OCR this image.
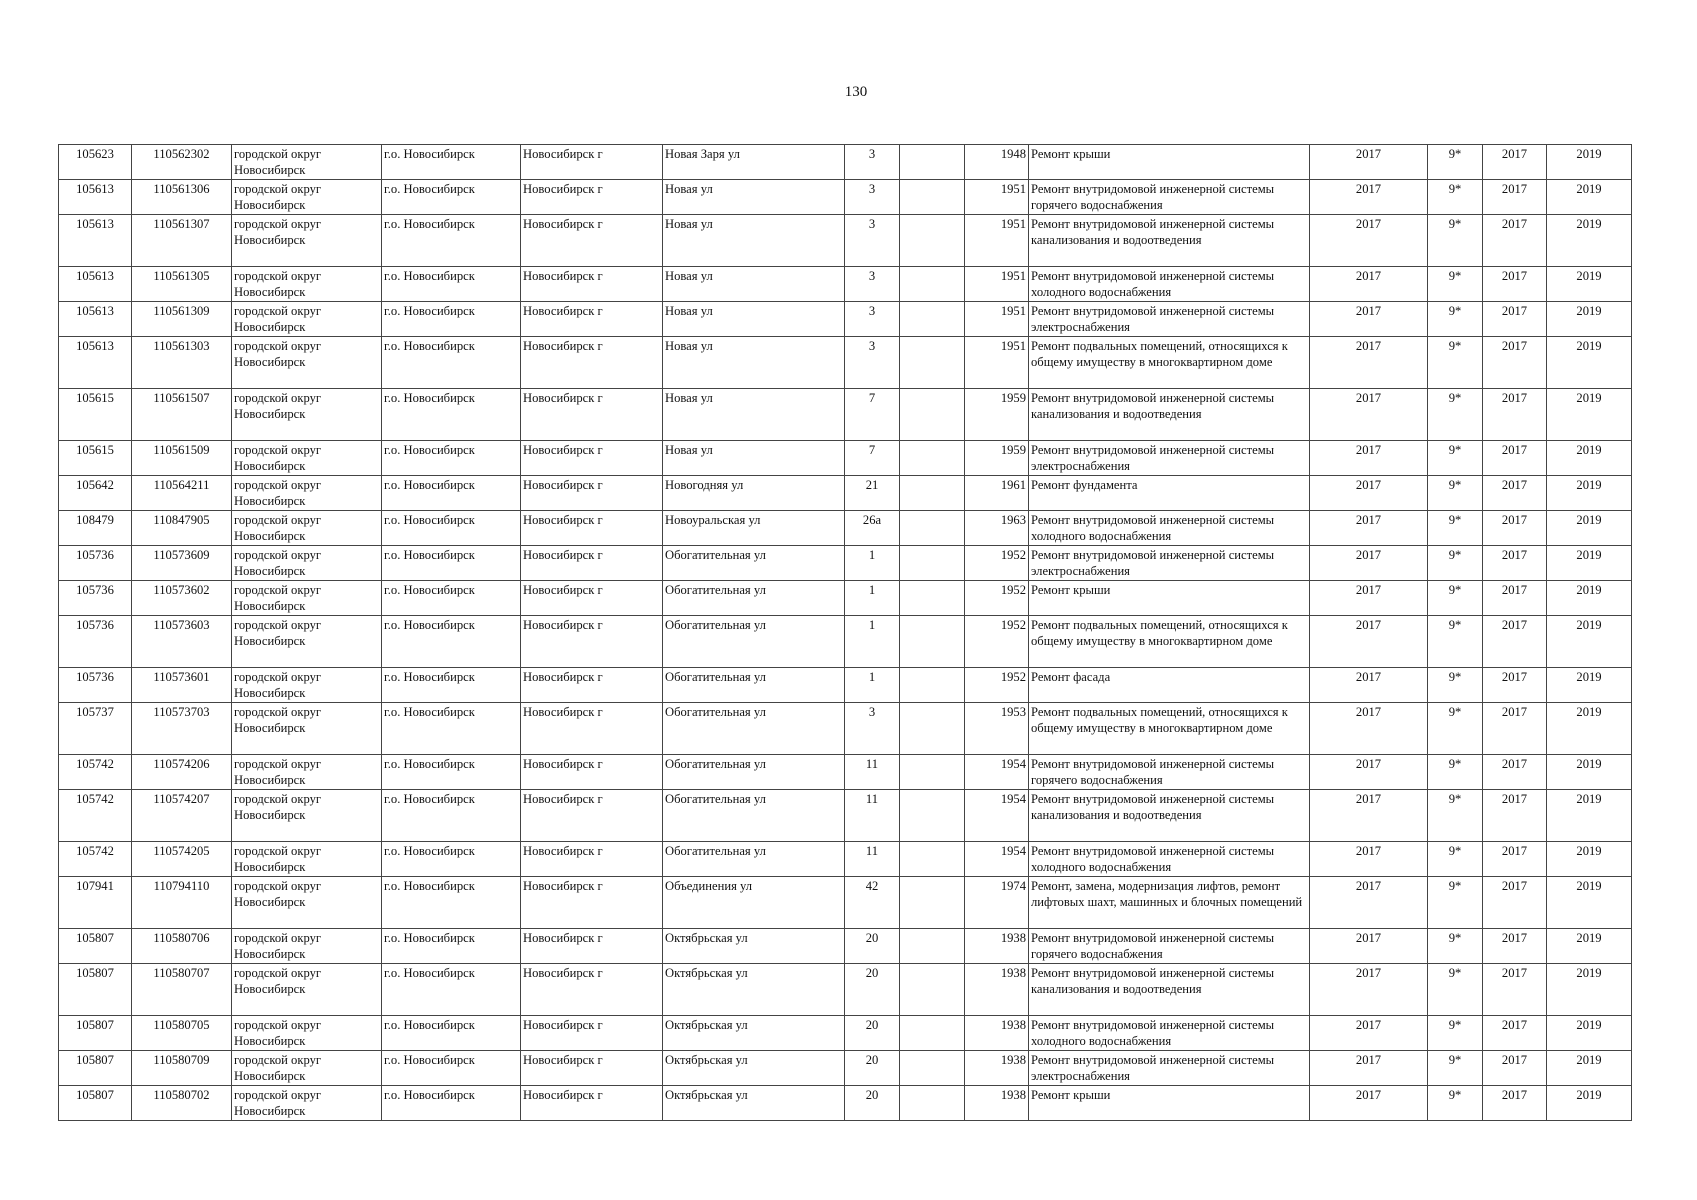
130
105623	110562302	городской округ Новосибирск	г.о. Новосибирск	Новосибирск г	Новая Заря ул	3		1948	Ремонт крыши	2017	9*	2017	2019
105613	110561306	городской округ Новосибирск	г.о. Новосибирск	Новосибирск г	Новая ул	3		1951	Ремонт внутридомовой инженерной системы горячего водоснабжения	2017	9*	2017	2019
105613	110561307	городской округ Новосибирск	г.о. Новосибирск	Новосибирск г	Новая ул	3		1951	Ремонт внутридомовой инженерной системы канализования и водоотведения	2017	9*	2017	2019
105613	110561305	городской округ Новосибирск	г.о. Новосибирск	Новосибирск г	Новая ул	3		1951	Ремонт внутридомовой инженерной системы холодного водоснабжения	2017	9*	2017	2019
105613	110561309	городской округ Новосибирск	г.о. Новосибирск	Новосибирск г	Новая ул	3		1951	Ремонт внутридомовой инженерной системы электроснабжения	2017	9*	2017	2019
105613	110561303	городской округ Новосибирск	г.о. Новосибирск	Новосибирск г	Новая ул	3		1951	Ремонт подвальных помещений, относящихся к общему имуществу в многоквартирном доме	2017	9*	2017	2019
105615	110561507	городской округ Новосибирск	г.о. Новосибирск	Новосибирск г	Новая ул	7		1959	Ремонт внутридомовой инженерной системы канализования и водоотведения	2017	9*	2017	2019
105615	110561509	городской округ Новосибирск	г.о. Новосибирск	Новосибирск г	Новая ул	7		1959	Ремонт внутридомовой инженерной системы электроснабжения	2017	9*	2017	2019
105642	110564211	городской округ Новосибирск	г.о. Новосибирск	Новосибирск г	Новогодняя ул	21		1961	Ремонт фундамента	2017	9*	2017	2019
108479	110847905	городской округ Новосибирск	г.о. Новосибирск	Новосибирск г	Новоуральская ул	26а		1963	Ремонт внутридомовой инженерной системы холодного водоснабжения	2017	9*	2017	2019
105736	110573609	городской округ Новосибирск	г.о. Новосибирск	Новосибирск г	Обогатительная ул	1		1952	Ремонт внутридомовой инженерной системы электроснабжения	2017	9*	2017	2019
105736	110573602	городской округ Новосибирск	г.о. Новосибирск	Новосибирск г	Обогатительная ул	1		1952	Ремонт крыши	2017	9*	2017	2019
105736	110573603	городской округ Новосибирск	г.о. Новосибирск	Новосибирск г	Обогатительная ул	1		1952	Ремонт подвальных помещений, относящихся к общему имуществу в многоквартирном доме	2017	9*	2017	2019
105736	110573601	городской округ Новосибирск	г.о. Новосибирск	Новосибирск г	Обогатительная ул	1		1952	Ремонт фасада	2017	9*	2017	2019
105737	110573703	городской округ Новосибирск	г.о. Новосибирск	Новосибирск г	Обогатительная ул	3		1953	Ремонт подвальных помещений, относящихся к общему имуществу в многоквартирном доме	2017	9*	2017	2019
105742	110574206	городской округ Новосибирск	г.о. Новосибирск	Новосибирск г	Обогатительная ул	11		1954	Ремонт внутридомовой инженерной системы горячего водоснабжения	2017	9*	2017	2019
105742	110574207	городской округ Новосибирск	г.о. Новосибирск	Новосибирск г	Обогатительная ул	11		1954	Ремонт внутридомовой инженерной системы канализования и водоотведения	2017	9*	2017	2019
105742	110574205	городской округ Новосибирск	г.о. Новосибирск	Новосибирск г	Обогатительная ул	11		1954	Ремонт внутридомовой инженерной системы холодного водоснабжения	2017	9*	2017	2019
107941	110794110	городской округ Новосибирск	г.о. Новосибирск	Новосибирск г	Объединения ул	42		1974	Ремонт, замена, модернизация лифтов, ремонт лифтовых шахт, машинных и блочных помещений	2017	9*	2017	2019
105807	110580706	городской округ Новосибирск	г.о. Новосибирск	Новосибирск г	Октябрьская ул	20		1938	Ремонт внутридомовой инженерной системы горячего водоснабжения	2017	9*	2017	2019
105807	110580707	городской округ Новосибирск	г.о. Новосибирск	Новосибирск г	Октябрьская ул	20		1938	Ремонт внутридомовой инженерной системы канализования и водоотведения	2017	9*	2017	2019
105807	110580705	городской округ Новосибирск	г.о. Новосибирск	Новосибирск г	Октябрьская ул	20		1938	Ремонт внутридомовой инженерной системы холодного водоснабжения	2017	9*	2017	2019
105807	110580709	городской округ Новосибирск	г.о. Новосибирск	Новосибирск г	Октябрьская ул	20		1938	Ремонт внутридомовой инженерной системы электроснабжения	2017	9*	2017	2019
105807	110580702	городской округ Новосибирск	г.о. Новосибирск	Новосибирск г	Октябрьская ул	20		1938	Ремонт крыши	2017	9*	2017	2019
